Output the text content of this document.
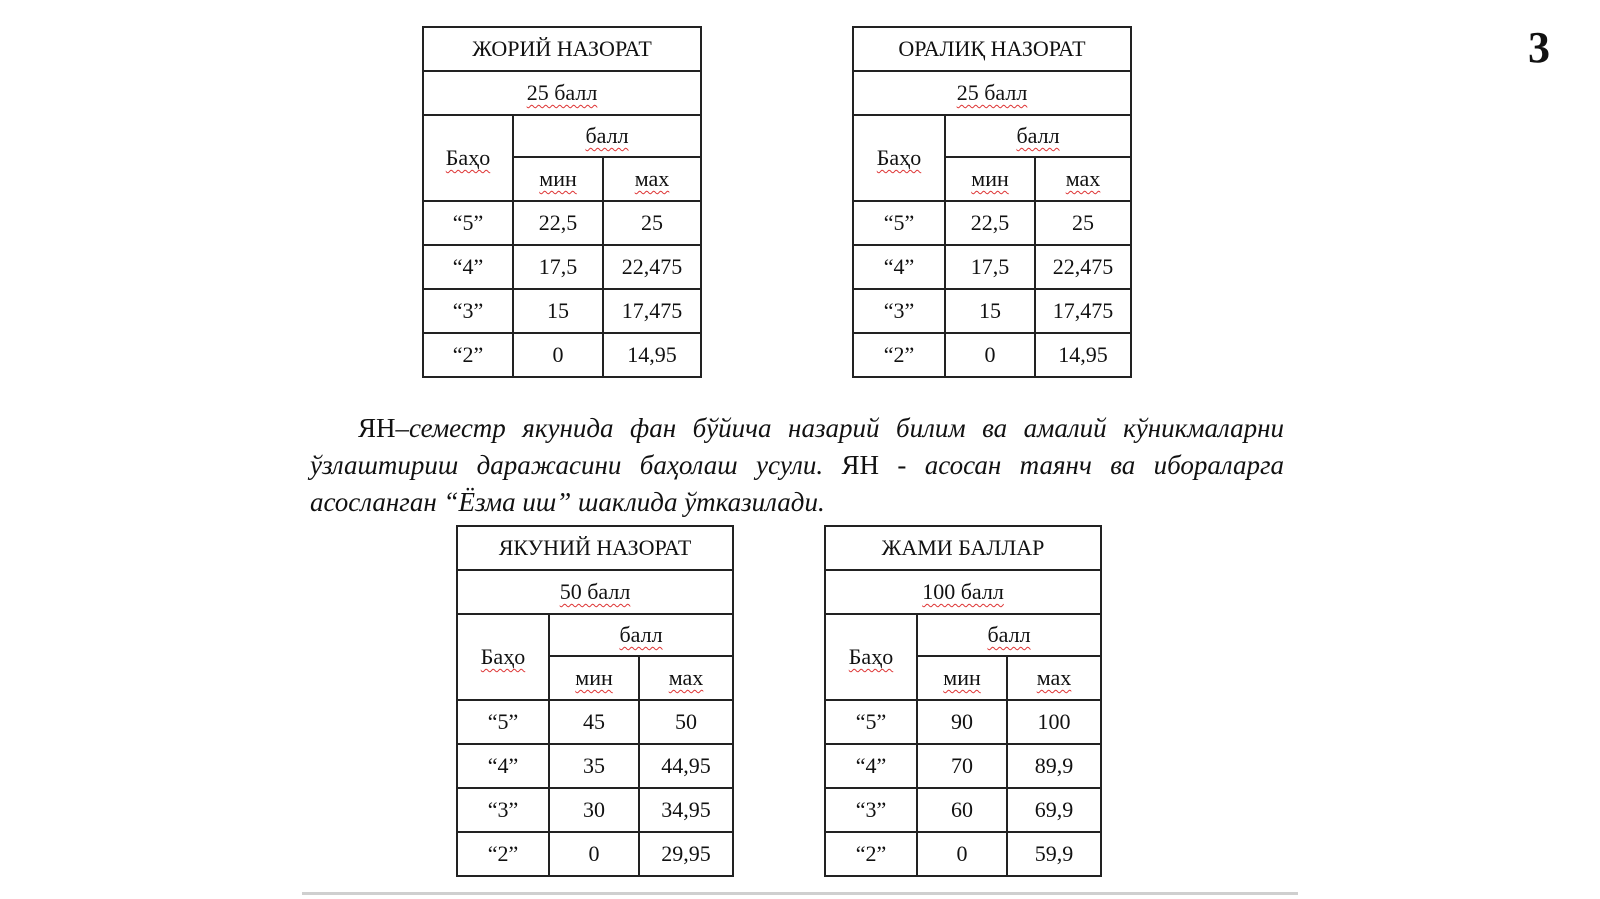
3
ЖОРИЙ НАЗОРАТ		
25 балл		
Баҳо	балл	
	мин	мах
“5”	22,5	25
“4”	17,5	22,475
“3”	15	17,475
“2”	0	14,95
ОРАЛИҚ НАЗОРАТ		
25 балл		
Баҳо	балл	
	мин	мах
“5”	22,5	25
“4”	17,5	22,475
“3”	15	17,475
“2”	0	14,95

ЯН–семестр якунида фан бўйича назарий билим ва амалий кўникмаларни ўзлаштириш даражасини баҳолаш усули. ЯН - асосан таянч ва ибораларга асосланган “Ёзма иш” шаклида ўтказилади.

ЯКУНИЙ НАЗОРАТ		
50 балл		
Баҳо	балл	
	мин	мах
“5”	45	50
“4”	35	44,95
“3”	30	34,95
“2”	0	29,95
ЖАМИ БАЛЛАР		
100 балл		
Баҳо	балл	
	мин	мах
“5”	90	100
“4”	70	89,9
“3”	60	69,9
“2”	0	59,9
